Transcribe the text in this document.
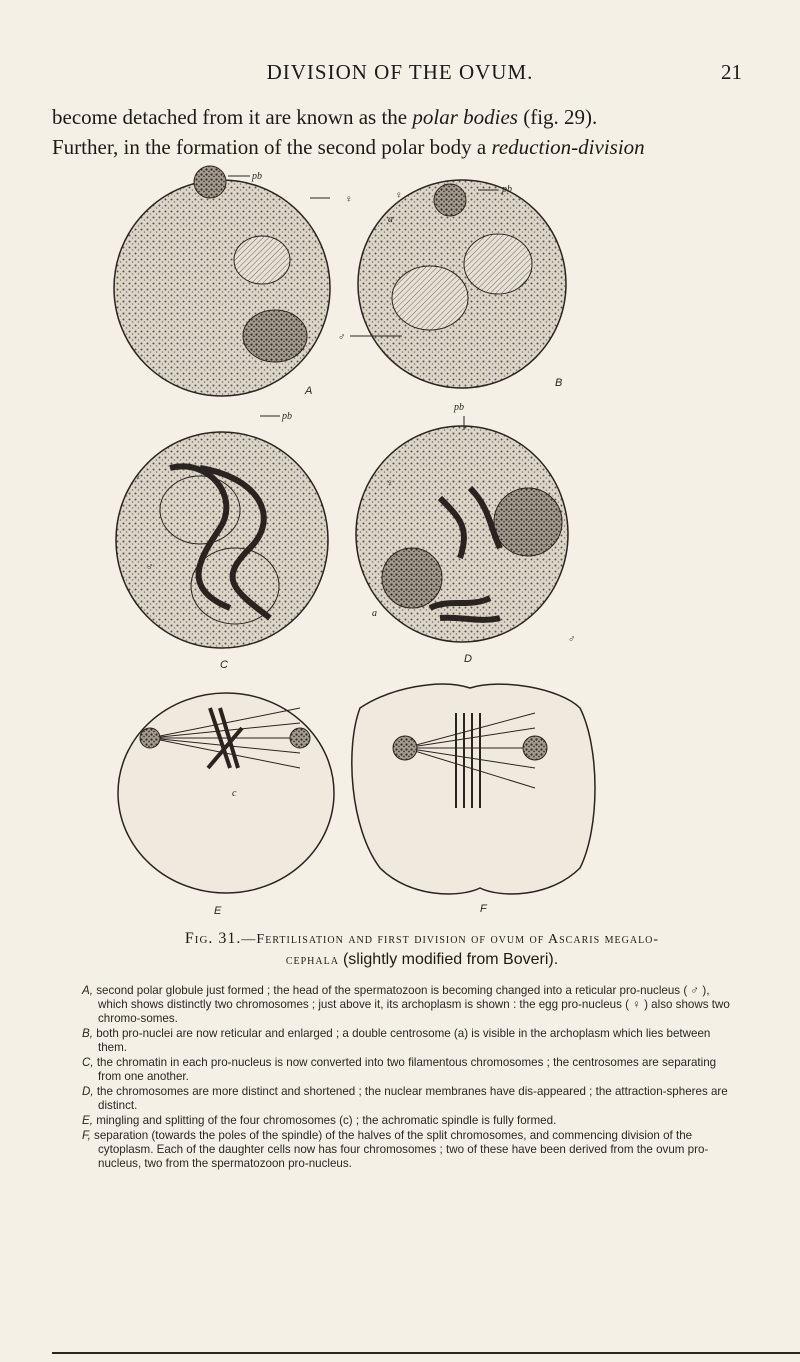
DIVISION OF THE OVUM.	21

become detached from it are known as the polar bodies (fig. 29).

Further, in the formation of the second polar body a reduction-division

pb
♀
A
pb
♀
a
♂
B
pb
♀
♂
C
pb
♀
a
♂
D
c
E	F
Fig. 31.—Fertilisation and first division of ovum of Ascaris megalo-
cephala (slightly modified from Boveri).

A, second polar globule just formed ; the head of the spermatozoon is becoming changed into a reticular pro-nucleus ( ♂ ), which shows distinctly two chromosomes ; just above it, its archoplasm is shown : the egg pro-nucleus ( ♀ ) also shows two chromo-somes.

B, both pro-nuclei are now reticular and enlarged ; a double centrosome (a) is visible in the archoplasm which lies between them.

C, the chromatin in each pro-nucleus is now converted into two filamentous chromosomes ; the centrosomes are separating from one another.

D, the chromosomes are more distinct and shortened ; the nuclear membranes have dis-appeared ; the attraction-spheres are distinct.

E, mingling and splitting of the four chromosomes (c) ; the achromatic spindle is fully formed.

F, separation (towards the poles of the spindle) of the halves of the split chromosomes, and commencing division of the cytoplasm. Each of the daughter cells now has four chromosomes ; two of these have been derived from the ovum pro-nucleus, two from the spermatozoon pro-nucleus.
